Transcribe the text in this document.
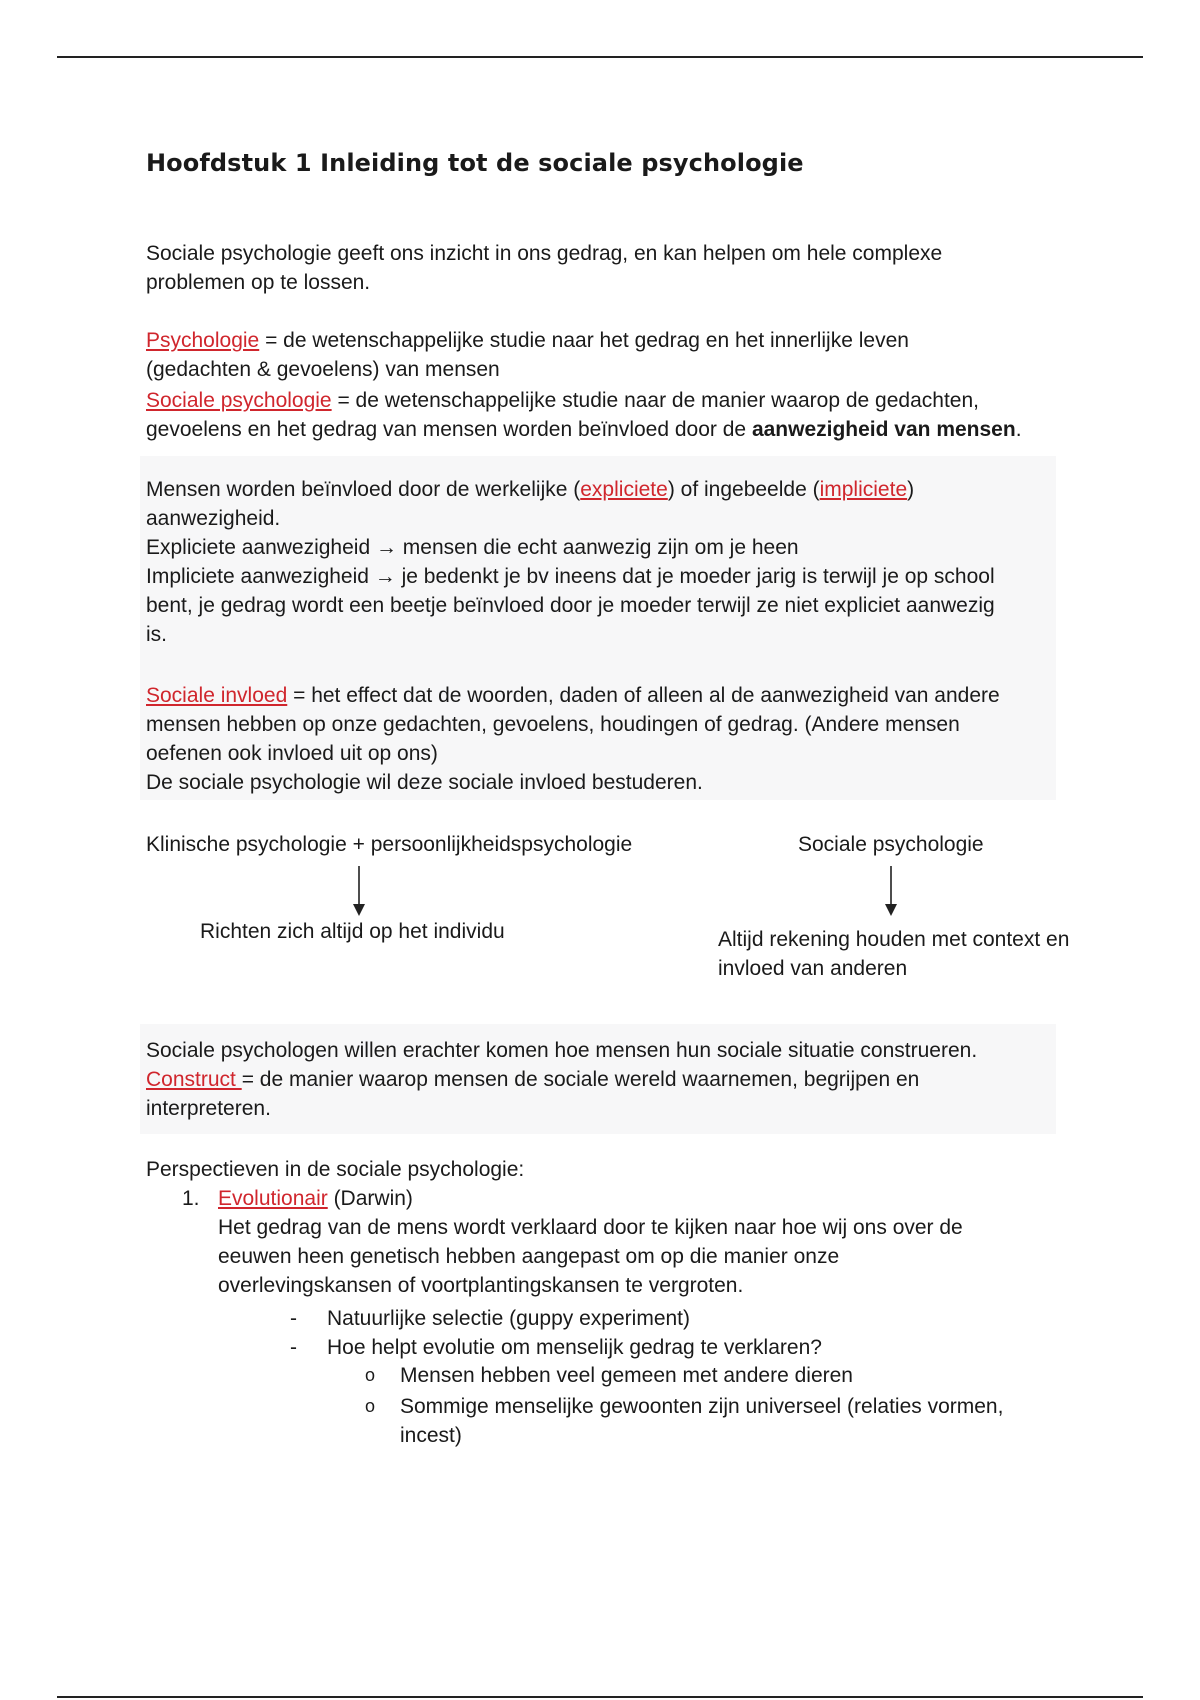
Hoofdstuk 1 Inleiding tot de sociale psychologie
Sociale psychologie geeft ons inzicht in ons gedrag, en kan helpen om hele complexe
problemen op te lossen.
Psychologie = de wetenschappelijke studie naar het gedrag en het innerlijke leven
(gedachten & gevoelens) van mensen
Sociale psychologie = de wetenschappelijke studie naar de manier waarop de gedachten,
gevoelens en het gedrag van mensen worden beïnvloed door de aanwezigheid van mensen.
Mensen worden beïnvloed door de werkelijke (expliciete) of ingebeelde (impliciete)
aanwezigheid.
Expliciete aanwezigheid → mensen die echt aanwezig zijn om je heen
Impliciete aanwezigheid → je bedenkt je bv ineens dat je moeder jarig is terwijl je op school
bent, je gedrag wordt een beetje beïnvloed door je moeder terwijl ze niet expliciet aanwezig
is.
Sociale invloed = het effect dat de woorden, daden of alleen al de aanwezigheid van andere
mensen hebben op onze gedachten, gevoelens, houdingen of gedrag. (Andere mensen
oefenen ook invloed uit op ons)
De sociale psychologie wil deze sociale invloed bestuderen.
Klinische psychologie + persoonlijkheidspsychologie	Sociale psychologie
Richten zich altijd op het individu	Altijd rekening houden met context en
invloed van anderen
Sociale psychologen willen erachter komen hoe mensen hun sociale situatie construeren.
Construct = de manier waarop mensen de sociale wereld waarnemen, begrijpen en
interpreteren.
Perspectieven in de sociale psychologie:
1. Evolutionair (Darwin)
Het gedrag van de mens wordt verklaard door te kijken naar hoe wij ons over de
eeuwen heen genetisch hebben aangepast om op die manier onze
overlevingskansen of voortplantingskansen te vergroten.
- Natuurlijke selectie (guppy experiment)
- Hoe helpt evolutie om menselijk gedrag te verklaren?
o Mensen hebben veel gemeen met andere dieren
o Sommige menselijke gewoonten zijn universeel (relaties vormen,
incest)
